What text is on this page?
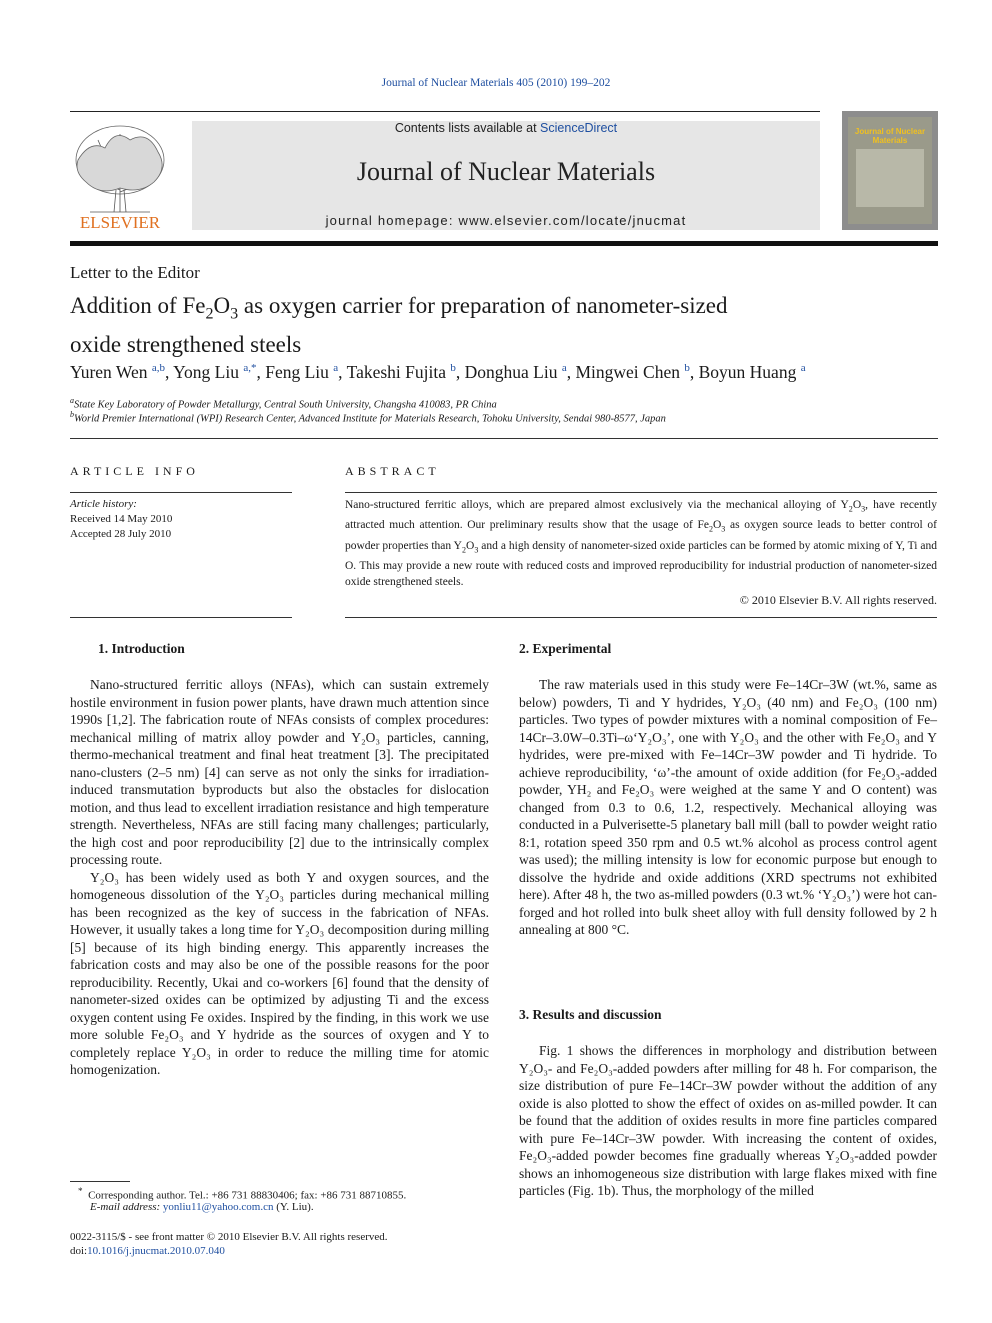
Journal of Nuclear Materials 405 (2010) 199–202
ELSEVIER
Contents lists available at ScienceDirect
Journal of Nuclear Materials
journal homepage: www.elsevier.com/locate/jnucmat
Journal of Nuclear Materials
Letter to the Editor
Addition of $Fe_2O_3$ as oxygen carrier for preparation of nanometer-sized
oxide strengthened steels
Yuren Wen $^{a,b}$, Yong Liu $^{a,*}$, Feng Liu $^a$, Takeshi Fujita $^b$, Donghua Liu $^a$, Mingwei Chen $^b$, Boyun Huang $^a$
$^a$State Key Laboratory of Powder Metallurgy, Central South University, Changsha 410083, PR China
$^b$World Premier International (WPI) Research Center, Advanced Institute for Materials Research, Tohoku University, Sendai 980-8577, Japan
ARTICLE INFO
Article history:
Received 14 May 2010
Accepted 28 July 2010
ABSTRACT
Nano-structured ferritic alloys, which are prepared almost exclusively via the mechanical alloying of $Y_2O_3$, have recently attracted much attention. Our preliminary results show that the usage of $Fe_2O_3$ as oxygen source leads to better control of powder properties than $Y_2O_3$ and a high density of nanometer-sized oxide particles can be formed by atomic mixing of Y, Ti and O. This may provide a new route with reduced costs and improved reproducibility for industrial production of nanometer-sized oxide strengthened steels.
© 2010 Elsevier B.V. All rights reserved.
1. Introduction

Nano-structured ferritic alloys (NFAs), which can sustain extremely hostile environment in fusion power plants, have drawn much attention since 1990s [1,2]. The fabrication route of NFAs consists of complex procedures: mechanical milling of matrix alloy powder and Y₂O₃ particles, canning, thermo-mechanical treatment and final heat treatment [3]. The precipitated nano-clusters (2–5 nm) [4] can serve as not only the sinks for irradiation-induced transmutation byproducts but also the obstacles for dislocation motion, and thus lead to excellent irradiation resistance and high temperature strength. Nevertheless, NFAs are still facing many challenges; particularly, the high cost and poor reproducibility [2] due to the intrinsically complex processing route.

Y₂O₃ has been widely used as both Y and oxygen sources, and the homogeneous dissolution of the Y₂O₃ particles during mechanical milling has been recognized as the key of success in the fabrication of NFAs. However, it usually takes a long time for Y₂O₃ decomposition during milling [5] because of its high binding energy. This apparently increases the fabrication costs and may also be one of the possible reasons for the poor reproducibility. Recently, Ukai and co-workers [6] found that the density of nanometer-sized oxides can be optimized by adjusting Ti and the excess oxygen content using Fe oxides. Inspired by the finding, in this work we use more soluble Fe₂O₃ and Y hydride as the sources of oxygen and Y to completely replace Y₂O₃ in order to reduce the milling time for atomic homogenization.

2. Experimental

The raw materials used in this study were Fe–14Cr–3W (wt.%, same as below) powders, Ti and Y hydrides, Y₂O₃ (40 nm) and Fe₂O₃ (100 nm) particles. Two types of powder mixtures with a nominal composition of Fe–14Cr–3.0W–0.3Ti–ω‘Y₂O₃’, one with Y₂O₃ and the other with Fe₂O₃ and Y hydrides, were pre-mixed with Fe–14Cr–3W powder and Ti hydride. To achieve reproducibility, ‘ω’-the amount of oxide addition (for Fe₂O₃-added powder, YH₂ and Fe₂O₃ were weighed at the same Y and O content) was changed from 0.3 to 0.6, 1.2, respectively. Mechanical alloying was conducted in a Pulverisette-5 planetary ball mill (ball to powder weight ratio 8:1, rotation speed 350 rpm and 0.5 wt.% alcohol as process control agent was used); the milling intensity is low for economic purpose but enough to dissolve the hydride and oxide additions (XRD spectrums not exhibited here). After 48 h, the two as-milled powders (0.3 wt.% ‘Y₂O₃’) were hot can-forged and hot rolled into bulk sheet alloy with full density followed by 2 h annealing at 800 °C.

3. Results and discussion

Fig. 1 shows the differences in morphology and distribution between Y₂O₃- and Fe₂O₃-added powders after milling for 48 h. For comparison, the size distribution of pure Fe–14Cr–3W powder without the addition of any oxide is also plotted to show the effect of oxides on as-milled powder. It can be found that the addition of oxides results in more fine particles compared with pure Fe–14Cr–3W powder. With increasing the content of oxides, Fe₂O₃-added powder becomes fine gradually whereas Y₂O₃-added powder shows an inhomogeneous size distribution with large flakes mixed with fine particles (Fig. 1b). Thus, the morphology of the milled

* Corresponding author. Tel.: +86 731 88830406; fax: +86 731 88710855.
E-mail address: yonliu11@yahoo.com.cn (Y. Liu).
0022-3115/$ - see front matter © 2010 Elsevier B.V. All rights reserved.
doi:10.1016/j.jnucmat.2010.07.040
